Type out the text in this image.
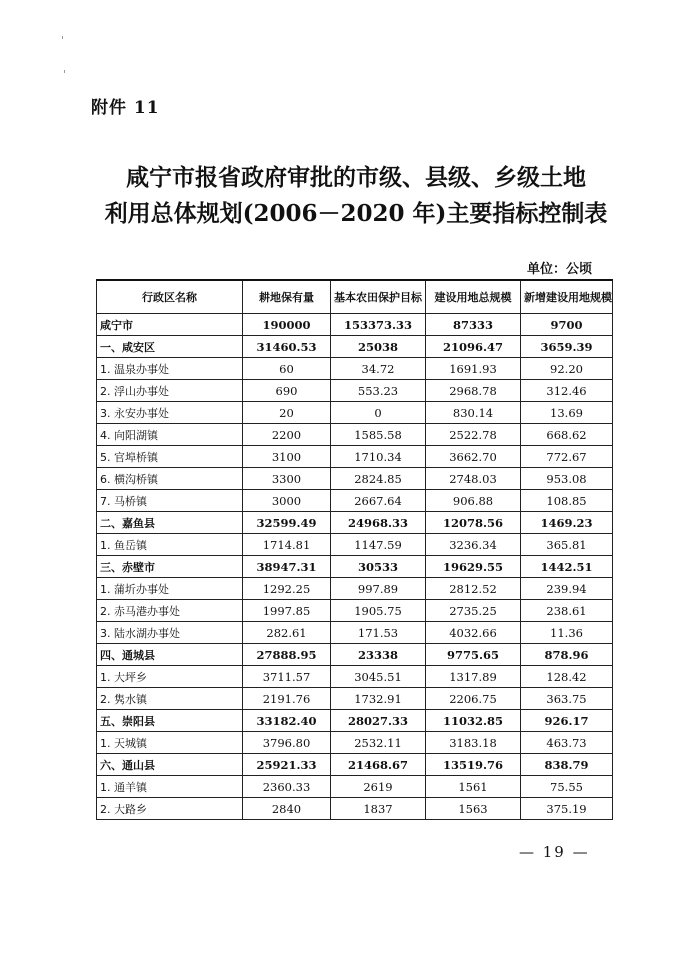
附件 11
咸宁市报省政府审批的市级、县级、乡级土地
利用总体规划(2006－2020 年)主要指标控制表
单位：公顷
行政区名称	耕地保有量	基本农田保护目标	建设用地总规模	新增建设用地规模
咸宁市	190000	153373.33	87333	9700
一、咸安区	31460.53	25038	21096.47	3659.39
1. 温泉办事处	60	34.72	1691.93	92.20
2. 浮山办事处	690	553.23	2968.78	312.46
3. 永安办事处	20	0	830.14	13.69
4. 向阳湖镇	2200	1585.58	2522.78	668.62
5. 官埠桥镇	3100	1710.34	3662.70	772.67
6. 横沟桥镇	3300	2824.85	2748.03	953.08
7. 马桥镇	3000	2667.64	906.88	108.85
二、嘉鱼县	32599.49	24968.33	12078.56	1469.23
1. 鱼岳镇	1714.81	1147.59	3236.34	365.81
三、赤壁市	38947.31	30533	19629.55	1442.51
1. 蒲圻办事处	1292.25	997.89	2812.52	239.94
2. 赤马港办事处	1997.85	1905.75	2735.25	238.61
3. 陆水湖办事处	282.61	171.53	4032.66	11.36
四、通城县	27888.95	23338	9775.65	878.96
1. 大坪乡	3711.57	3045.51	1317.89	128.42
2. 隽水镇	2191.76	1732.91	2206.75	363.75
五、崇阳县	33182.40	28027.33	11032.85	926.17
1. 天城镇	3796.80	2532.11	3183.18	463.73
六、通山县	25921.33	21468.67	13519.76	838.79
1. 通羊镇	2360.33	2619	1561	75.55
2. 大路乡	2840	1837	1563	375.19
— 19 —
